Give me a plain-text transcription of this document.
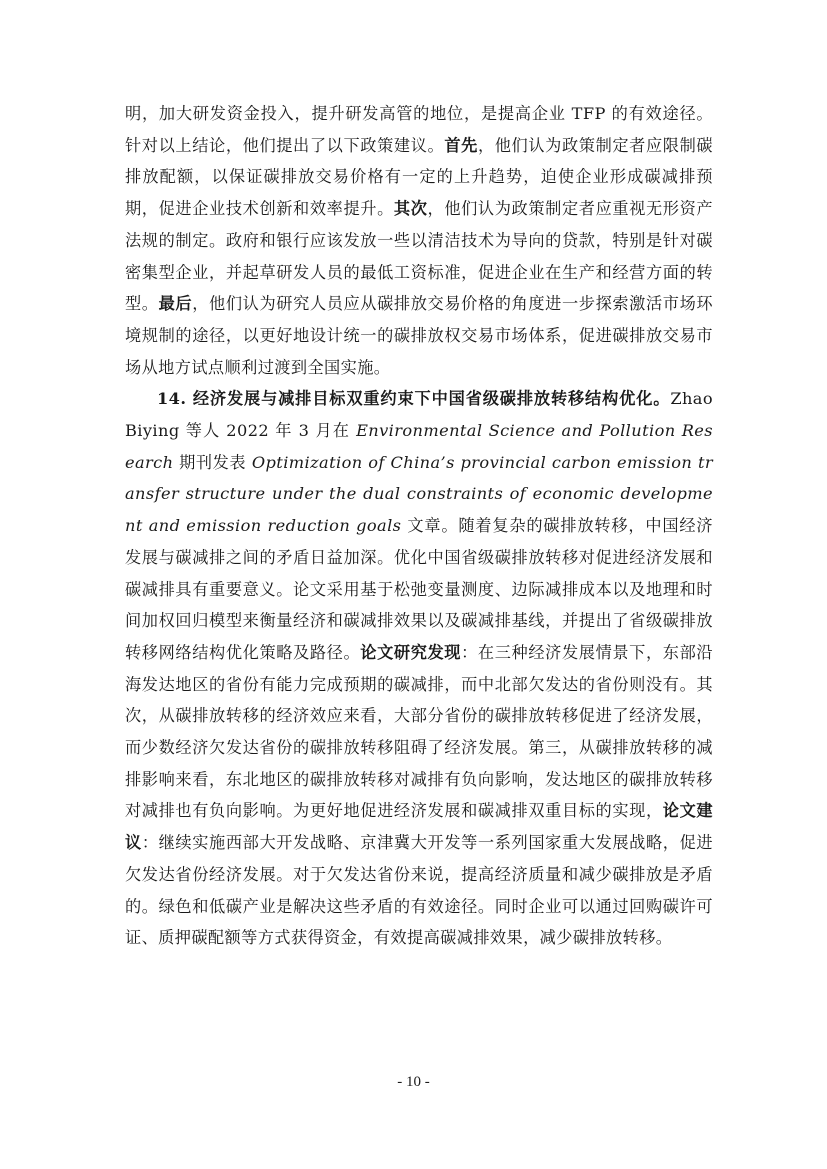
明，加大研发资金投入，提升研发高管的地位，是提高企业 TFP 的有效途径。针对以上结论，他们提出了以下政策建议。首先，他们认为政策制定者应限制碳排放配额，以保证碳排放交易价格有一定的上升趋势，迫使企业形成碳减排预期，促进企业技术创新和效率提升。其次，他们认为政策制定者应重视无形资产法规的制定。政府和银行应该发放一些以清洁技术为导向的贷款，特别是针对碳密集型企业，并起草研发人员的最低工资标准，促进企业在生产和经营方面的转型。最后，他们认为研究人员应从碳排放交易价格的角度进一步探索激活市场环境规制的途径，以更好地设计统一的碳排放权交易市场体系，促进碳排放交易市场从地方试点顺利过渡到全国实施。

14. 经济发展与减排目标双重约束下中国省级碳排放转移结构优化。Zhao Biying 等人 2022 年 3 月在 Environmental Science and Pollution Research 期刊发表 Optimization of China’s provincial carbon emission transfer structure under the dual constraints of economic development and emission reduction goals 文章。随着复杂的碳排放转移，中国经济发展与碳减排之间的矛盾日益加深。优化中国省级碳排放转移对促进经济发展和碳减排具有重要意义。论文采用基于松弛变量测度、边际减排成本以及地理和时间加权回归模型来衡量经济和碳减排效果以及碳减排基线，并提出了省级碳排放转移网络结构优化策略及路径。论文研究发现：在三种经济发展情景下，东部沿海发达地区的省份有能力完成预期的碳减排，而中北部欠发达的省份则没有。其次，从碳排放转移的经济效应来看，大部分省份的碳排放转移促进了经济发展，而少数经济欠发达省份的碳排放转移阻碍了经济发展。第三，从碳排放转移的减排影响来看，东北地区的碳排放转移对减排有负向影响，发达地区的碳排放转移对减排也有负向影响。为更好地促进经济发展和碳减排双重目标的实现，论文建议：继续实施西部大开发战略、京津冀大开发等一系列国家重大发展战略，促进欠发达省份经济发展。对于欠发达省份来说，提高经济质量和减少碳排放是矛盾的。绿色和低碳产业是解决这些矛盾的有效途径。同时企业可以通过回购碳许可证、质押碳配额等方式获得资金，有效提高碳减排效果，减少碳排放转移。

- 10 -
